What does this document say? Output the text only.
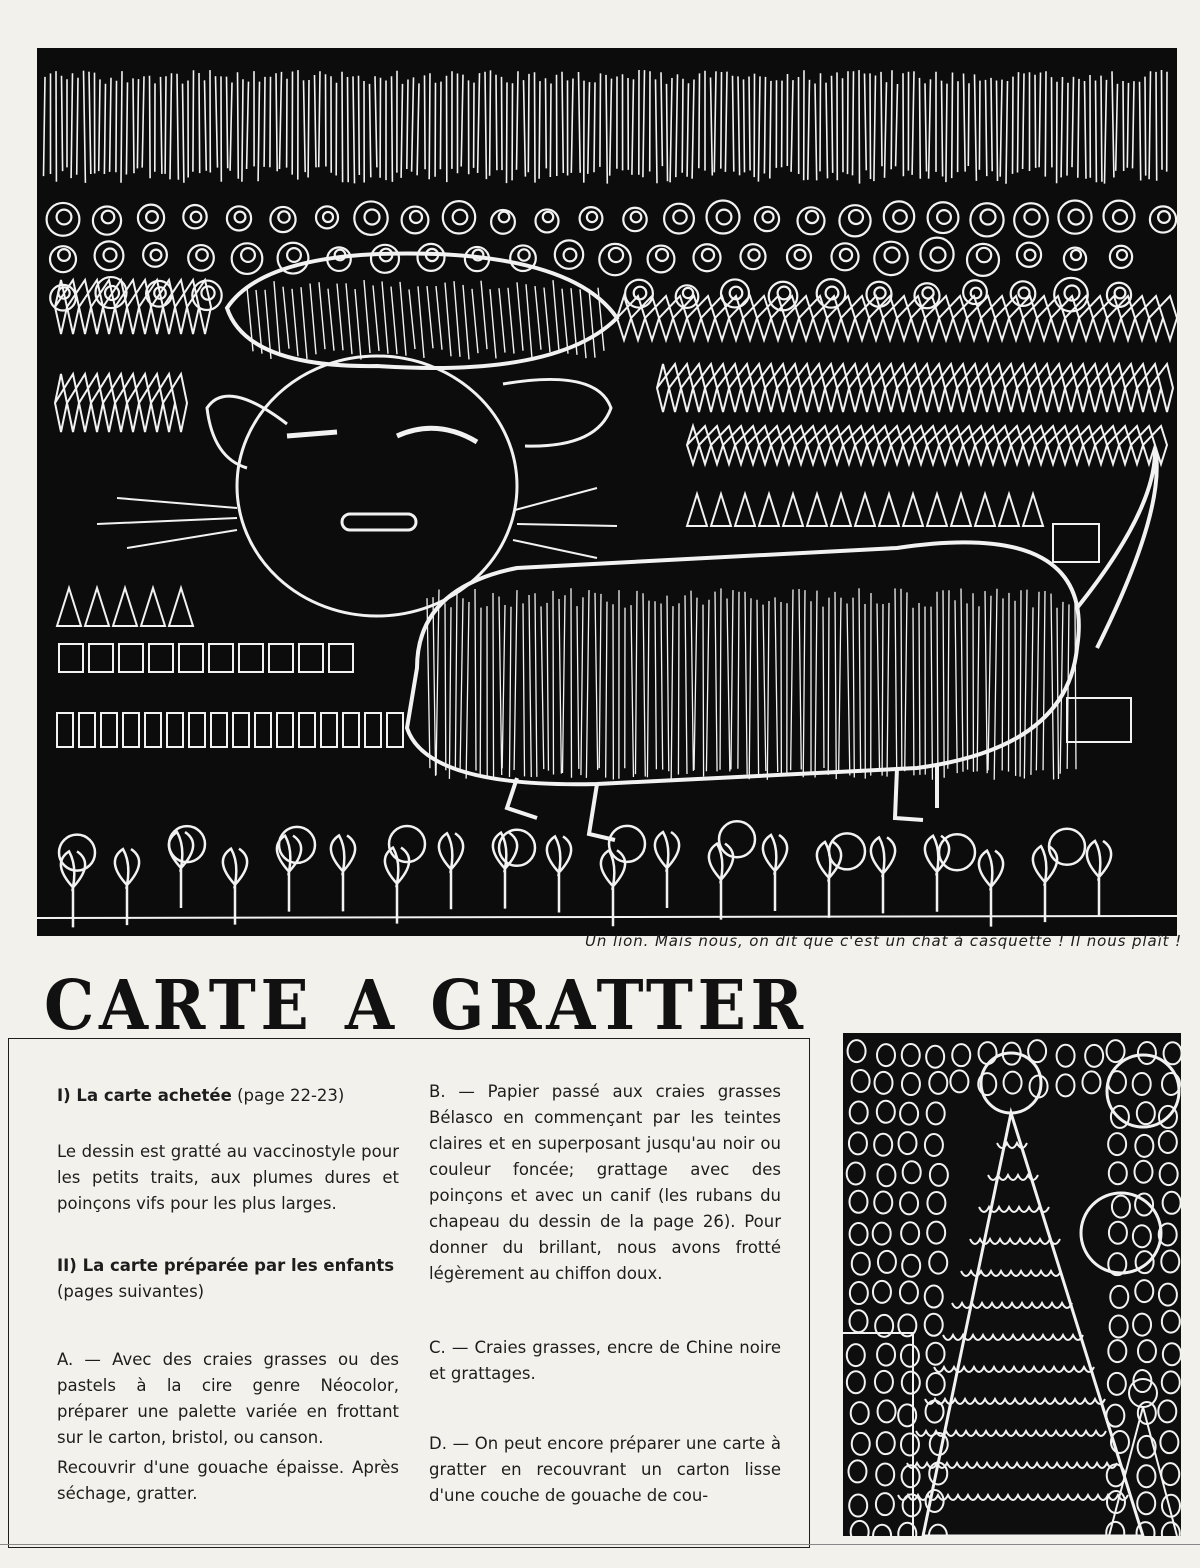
Un lion. Mais nous, on dit que c'est un chat à casquette ! Il nous plaît !
CARTE A GRATTER

I) La carte achetée (page 22-23)

Le dessin est gratté au vaccinostyle pour les petits traits, aux plumes dures et poinçons vifs pour les plus larges.

II) La carte préparée par les enfants

(pages suivantes)

A. — Avec des craies grasses ou des pastels à la cire genre Néocolor, préparer une palette variée en frottant sur le carton, bristol, ou canson.

Recouvrir d'une gouache épaisse. Après séchage, gratter.

B. — Papier passé aux craies grasses Bélasco en commençant par les teintes claires et en superposant jusqu'au noir ou couleur foncée; grattage avec des poinçons et avec un canif (les rubans du chapeau du dessin de la page 26). Pour donner du brillant, nous avons frotté légèrement au chiffon doux.

C. — Craies grasses, encre de Chine noire et grattages.

D. — On peut encore préparer une carte à gratter en recouvrant un carton lisse d'une couche de gouache de cou-
